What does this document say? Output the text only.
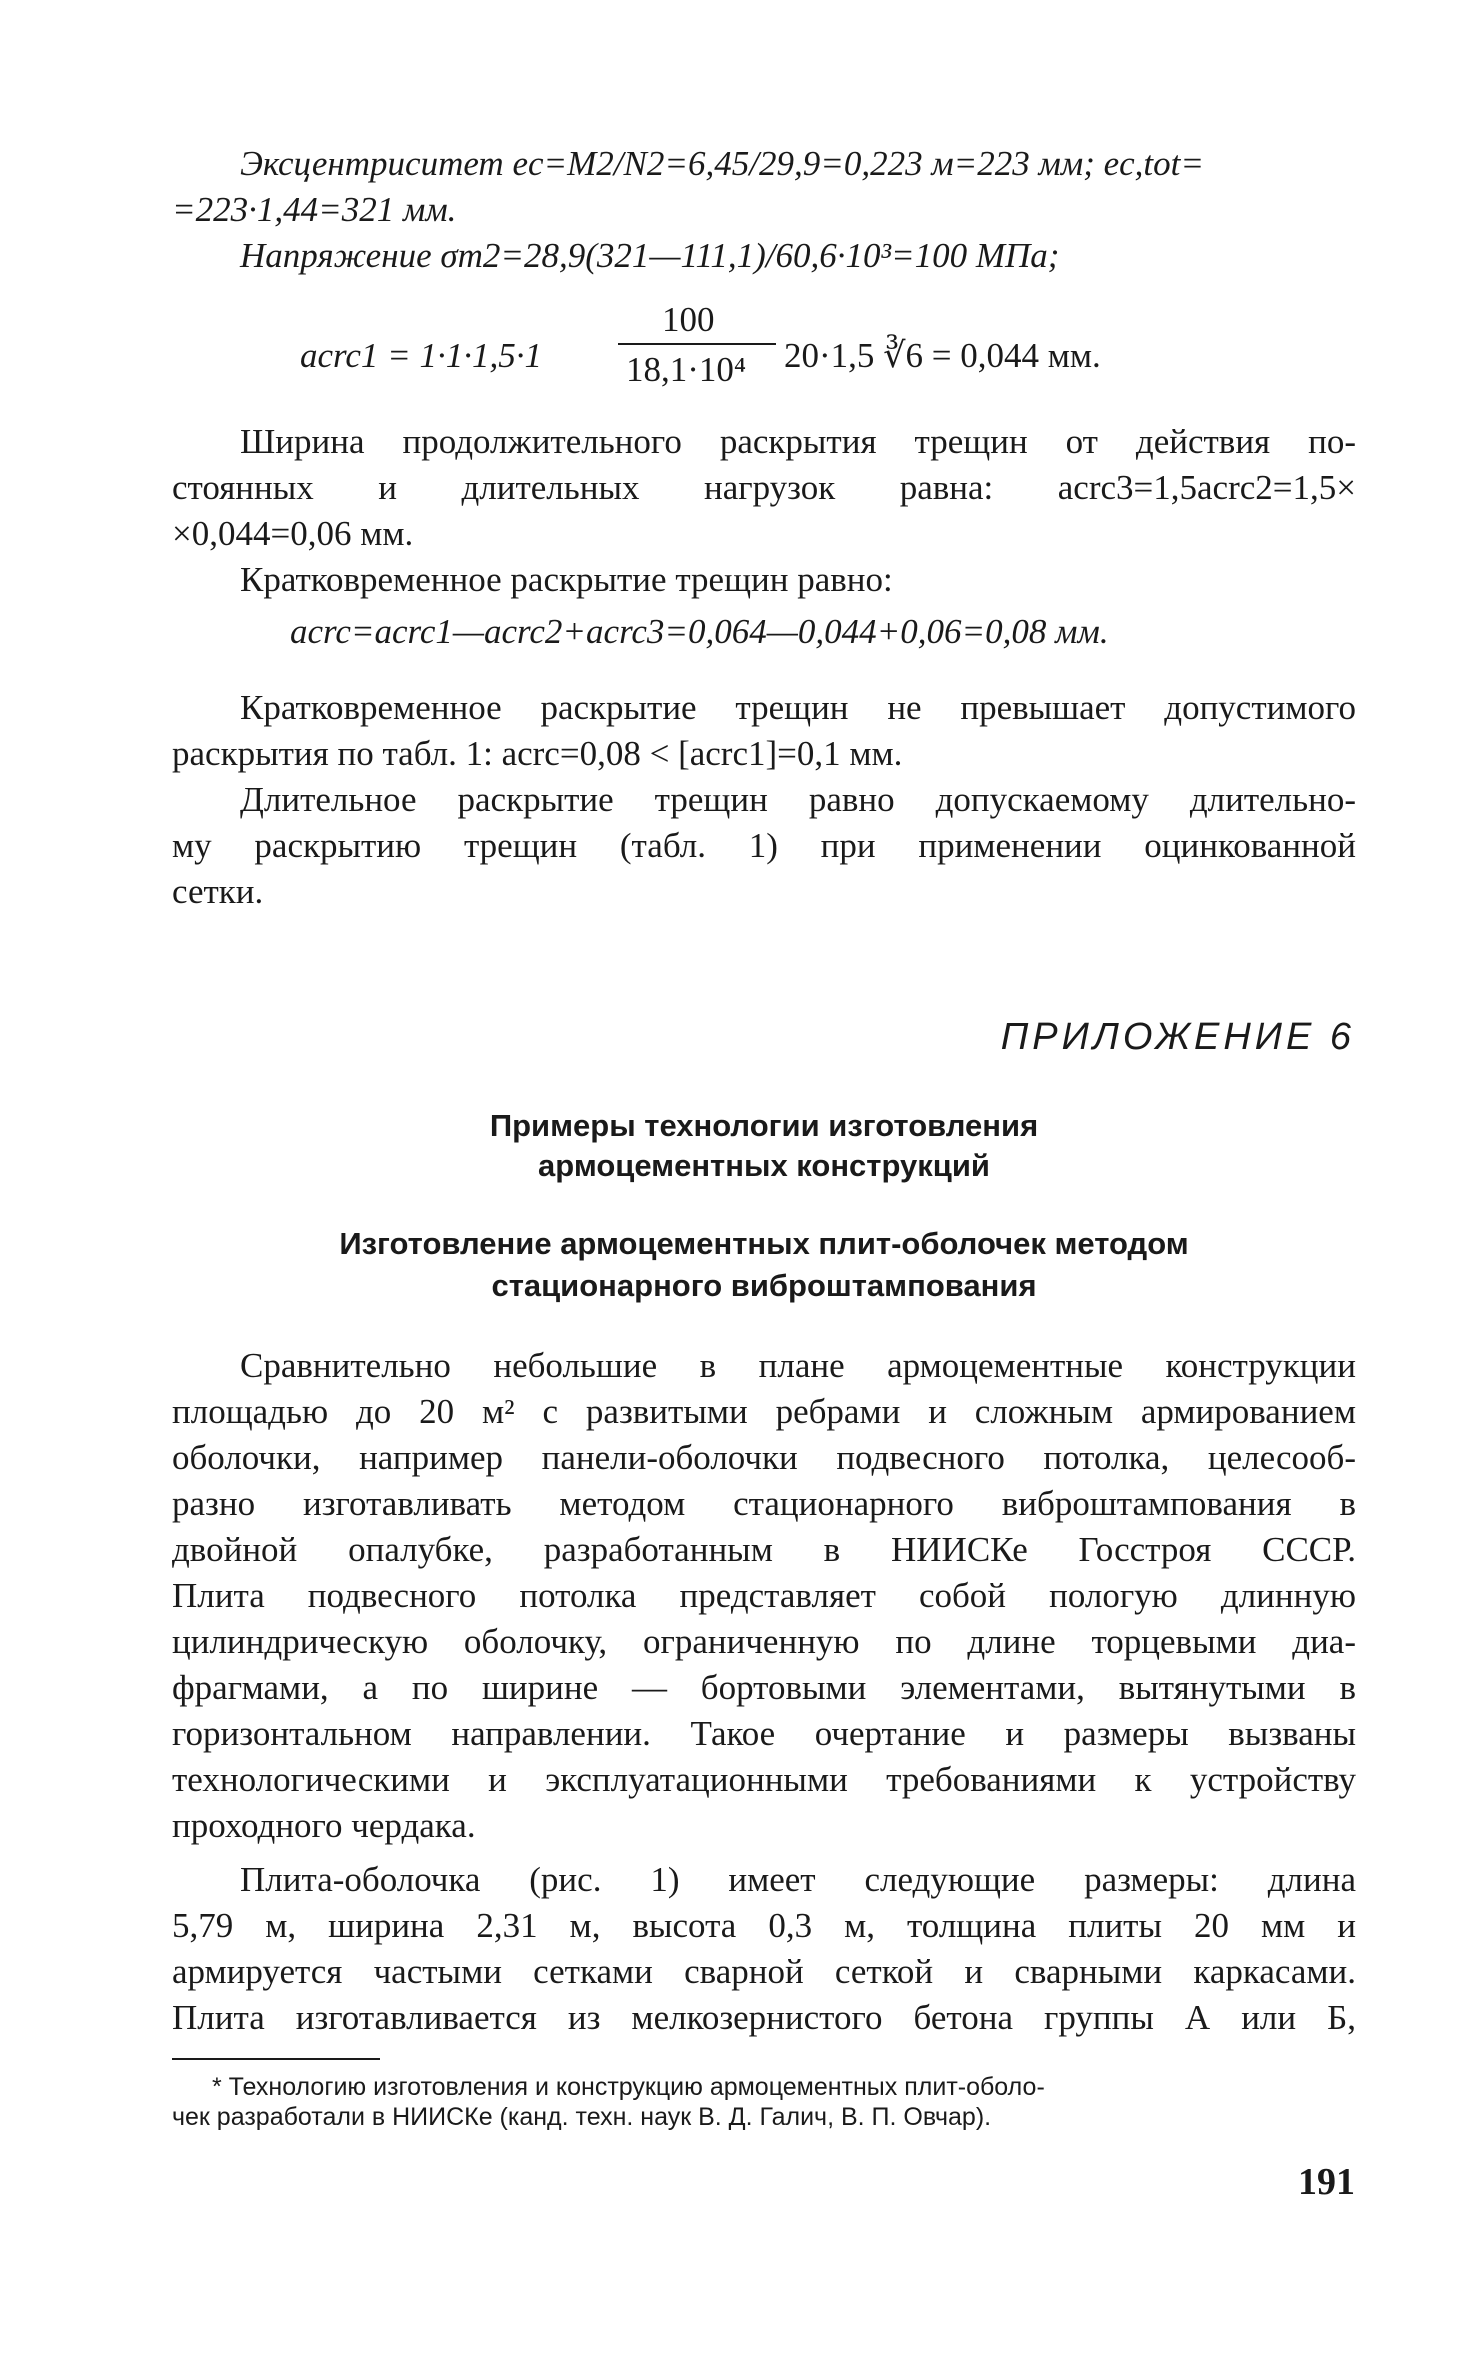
Эксцентриситет eс=M2/N2=6,45/29,9=0,223 м=223 мм; ec,tot=
=223·1,44=321 мм.
Напряжение σm2=28,9(321—111,1)/60,6·10³=100 МПа;
acrc1 = 1·1·1,5·1
100
18,1·10⁴ 20·1,5 ∛6 = 0,044 мм.
Ширина продолжительного раскрытия трещин от действия по-
стоянных и длительных нагрузок равна: acrc3=1,5acrc2=1,5×
×0,044=0,06 мм.
Кратковременное раскрытие трещин равно:
acrc=acrc1—acrc2+acrc3=0,064—0,044+0,06=0,08 мм.
Кратковременное раскрытие трещин не превышает допустимого
раскрытия по табл. 1: acrc=0,08 < [acrc1]=0,1 мм.
Длительное раскрытие трещин равно допускаемому длительно-
му раскрытию трещин (табл. 1) при применении оцинкованной
сетки.
ПРИЛОЖЕНИЕ 6
Примеры технологии изготовления
армоцементных конструкций
Изготовление армоцементных плит-оболочек методом
стационарного виброштампования
Сравнительно небольшие в плане армоцементные конструкции
площадью до 20 м² с развитыми ребрами и сложным армированием
оболочки, например панели-оболочки подвесного потолка, целесооб-
разно изготавливать методом стационарного виброштампования в
двойной опалубке, разработанным в НИИСКе Госстроя СССР.
Плита подвесного потолка представляет собой пологую длинную
цилиндрическую оболочку, ограниченную по длине торцевыми диа-
фрагмами, а по ширине — бортовыми элементами, вытянутыми в
горизонтальном направлении. Такое очертание и размеры вызваны
технологическими и эксплуатационными требованиями к устройству
проходного чердака.
Плита-оболочка (рис. 1) имеет следующие размеры: длина
5,79 м, ширина 2,31 м, высота 0,3 м, толщина плиты 20 мм и
армируется частыми сетками сварной сеткой и сварными каркасами.
Плита изготавливается из мелкозернистого бетона группы А или Б,
* Технологию изготовления и конструкцию армоцементных плит-оболо-
чек разработали в НИИСКе (канд. техн. наук В. Д. Галич, В. П. Овчар).
191
